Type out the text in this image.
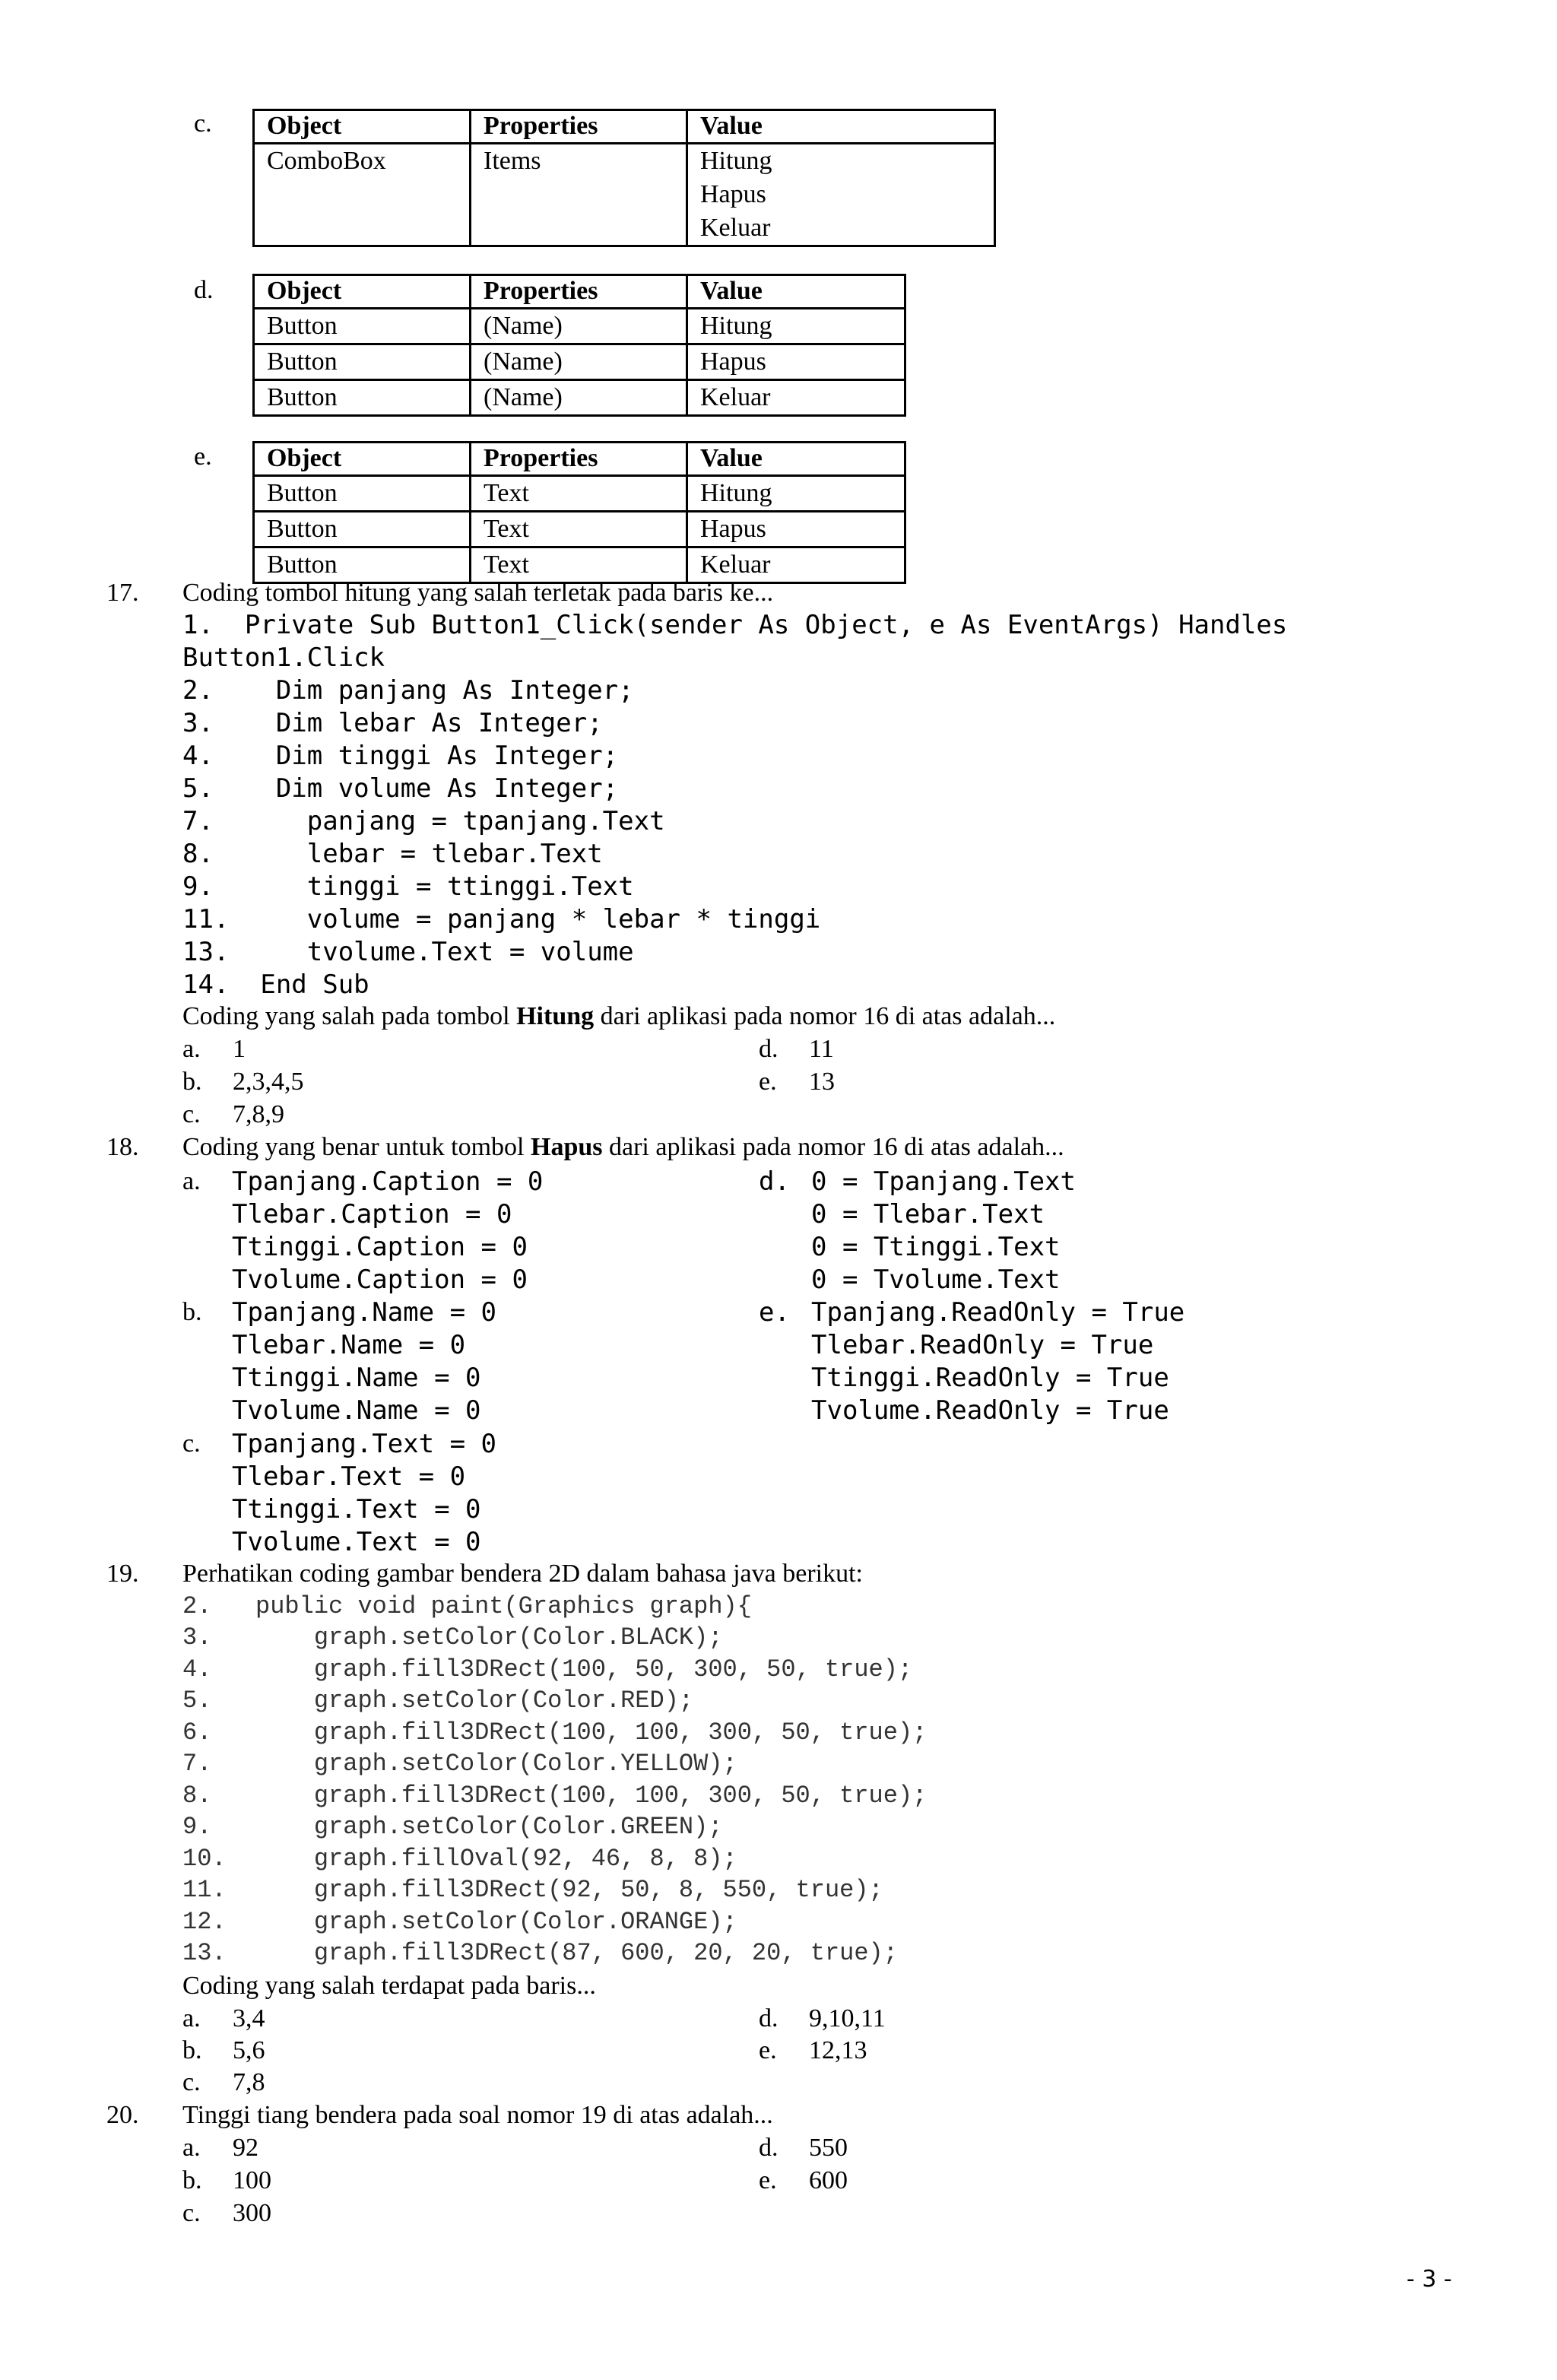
c. Object	Properties	Value
ComboBox	Items	Hitung
		Hapus
		Keluar
d. Object	Properties	Value
Button	(Name)	Hitung
Button	(Name)	Hapus
Button	(Name)	Keluar
e. Object	Properties	Value
Button	Text	Hitung
Button	Text	Hapus
Button	Text	Keluar
17. Coding tombol hitung yang salah terletak pada baris ke...
1.  Private Sub Button1_Click(sender As Object, e As EventArgs) Handles
Button1.Click
2.    Dim panjang As Integer;
3.    Dim lebar As Integer;
4.    Dim tinggi As Integer;
5.    Dim volume As Integer;
7.      panjang = tpanjang.Text
8.      lebar = tlebar.Text
9.      tinggi = ttinggi.Text
11.     volume = panjang * lebar * tinggi
13.     tvolume.Text = volume
14.  End Sub
Coding yang salah pada tombol Hitung dari aplikasi pada nomor 16 di atas adalah...
a. 1
b. 2,3,4,5
c. 7,8,9
d. 11
e. 13
18. Coding yang benar untuk tombol Hapus dari aplikasi pada nomor 16 di atas adalah...
a. Tpanjang.Caption = 0
Tlebar.Caption = 0
Ttinggi.Caption = 0
Tvolume.Caption = 0
b. Tpanjang.Name = 0
Tlebar.Name = 0
Ttinggi.Name = 0
Tvolume.Name = 0
c. Tpanjang.Text = 0
Tlebar.Text = 0
Ttinggi.Text = 0
Tvolume.Text = 0
d. 0 = Tpanjang.Text
0 = Tlebar.Text
0 = Ttinggi.Text
0 = Tvolume.Text
e. Tpanjang.ReadOnly = True
Tlebar.ReadOnly = True
Ttinggi.ReadOnly = True
Tvolume.ReadOnly = True
19. Perhatikan coding gambar bendera 2D dalam bahasa java berikut:
2.   public void paint(Graphics graph){
3.       graph.setColor(Color.BLACK);
4.       graph.fill3DRect(100, 50, 300, 50, true);
5.       graph.setColor(Color.RED);
6.       graph.fill3DRect(100, 100, 300, 50, true);
7.       graph.setColor(Color.YELLOW);
8.       graph.fill3DRect(100, 100, 300, 50, true);
9.       graph.setColor(Color.GREEN);
10.      graph.fillOval(92, 46, 8, 8);
11.      graph.fill3DRect(92, 50, 8, 550, true);
12.      graph.setColor(Color.ORANGE);
13.      graph.fill3DRect(87, 600, 20, 20, true);
Coding yang salah terdapat pada baris...
a. 3,4
b. 5,6
c. 7,8
d. 9,10,11
e. 12,13
20. Tinggi tiang bendera pada soal nomor 19 di atas adalah...
a. 92
b. 100
c. 300
d. 550
e. 600
- 3 -
